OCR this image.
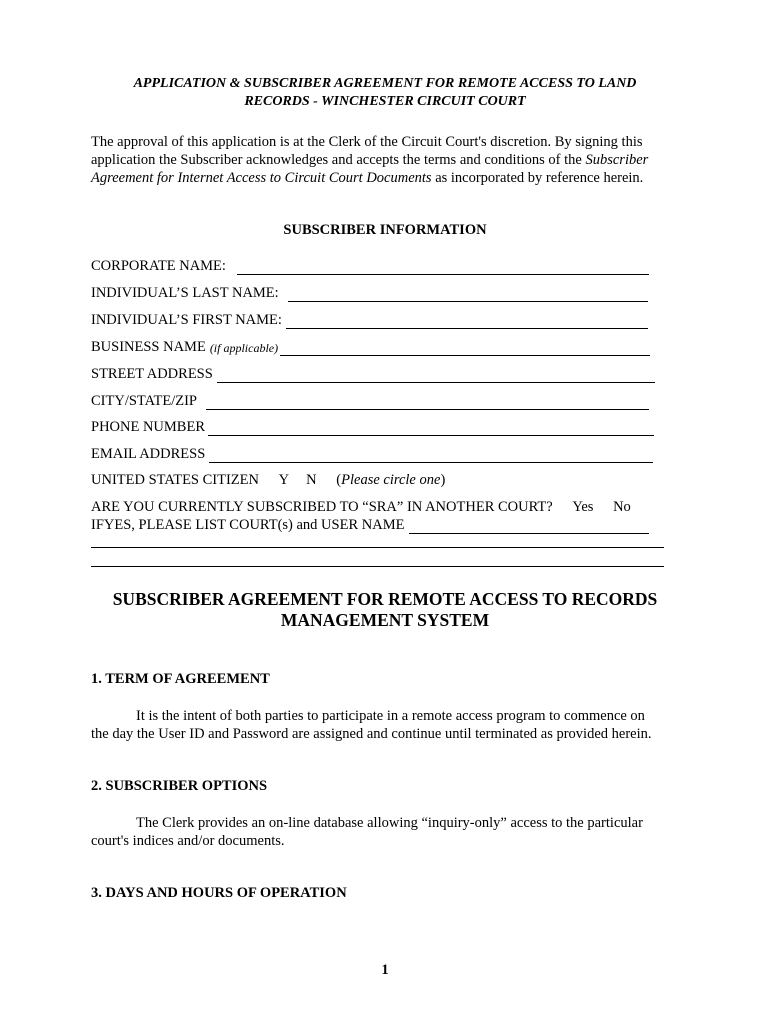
APPLICATION & SUBSCRIBER AGREEMENT FOR REMOTE ACCESS TO LAND
RECORDS - WINCHESTER CIRCUIT COURT
The approval of this application is at the Clerk of the Circuit Court's discretion. By signing this
application the Subscriber acknowledges and accepts the terms and conditions of the Subscriber
Agreement for Internet Access to Circuit Court Documents as incorporated by reference herein.
SUBSCRIBER INFORMATION
CORPORATE NAME:
INDIVIDUAL’S LAST NAME:
INDIVIDUAL’S FIRST NAME:
BUSINESS NAME (if applicable)
STREET ADDRESS
CITY/STATE/ZIP
PHONE NUMBER
EMAIL ADDRESS
UNITED STATES CITIZEN Y N (Please circle one)
ARE YOU CURRENTLY SUBSCRIBED TO “SRA” IN ANOTHER COURT? Yes No
IFYES, PLEASE LIST COURT(s) and USER NAME
SUBSCRIBER AGREEMENT FOR REMOTE ACCESS TO RECORDS
MANAGEMENT SYSTEM
1. TERM OF AGREEMENT
It is the intent of both parties to participate in a remote access program to commence on
the day the User ID and Password are assigned and continue until terminated as provided herein.
2. SUBSCRIBER OPTIONS
The Clerk provides an on-line database allowing “inquiry-only” access to the particular
court's indices and/or documents.
3. DAYS AND HOURS OF OPERATION
1
